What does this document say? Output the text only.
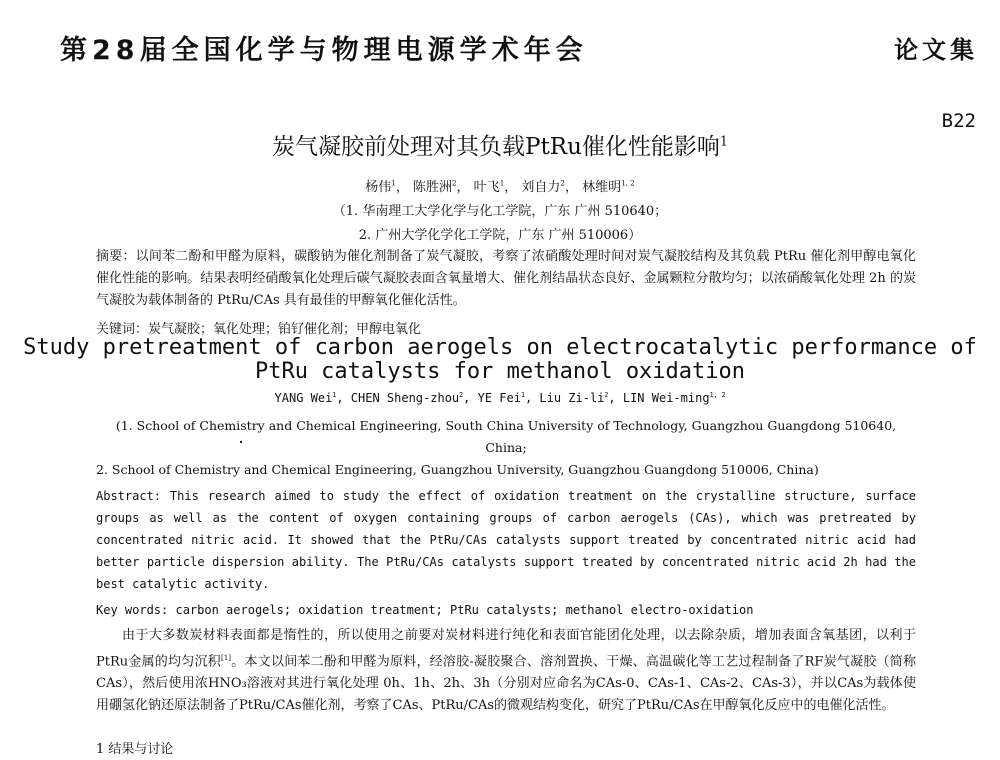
第28届全国化学与物理电源学术年会	论文集
B22
炭气凝胶前处理对其负载PtRu催化性能影响$^1$
杨伟$^1$， 陈胜洲$^2$， 叶飞$^1$， 刘自力$^2$， 林维明$^{1, 2}$
（1. 华南理工大学化学与化工学院，广东 广州 510640；
2. 广州大学化学化工学院，广东 广州 510006）
摘要：以间苯二酚和甲醛为原料，碳酸钠为催化剂制备了炭气凝胶，考察了浓硝酸处理时间对炭气凝胶结构及其负载 PtRu 催化剂甲醇电氧化催化性能的影响。结果表明经硝酸氧化处理后碳气凝胶表面含氧量增大、催化剂结晶状态良好、金属颗粒分散均匀；以浓硝酸氧化处理 2h 的炭气凝胶为载体制备的 PtRu/CAs 具有最佳的甲醇氧化催化活性。
关键词：炭气凝胶；氧化处理；铂钌催化剂；甲醇电氧化
Study pretreatment of carbon aerogels on electrocatalytic performance of PtRu catalysts for methanol oxidation
YANG Wei$^1$, CHEN Sheng-zhou$^2$, YE Fei$^1$, Liu $Zi-li^2$, LIN Wei-ming$^{1, 2}$
(1. School of Chemistry and Chemical Engineering, South China University of Technology, Guangzhou Guangdong 510640, China;
2. School of Chemistry and Chemical Engineering, Guangzhou University, Guangzhou Guangdong 510006, China)
Abstract: This research aimed to study the effect of oxidation treatment on the crystalline structure, surface groups as well as the content of oxygen containing groups of carbon aerogels (CAs), which was pretreated by concentrated nitric acid. It showed that the PtRu/CAs catalysts support treated by concentrated nitric acid had better particle dispersion ability. The PtRu/CAs catalysts support treated by concentrated nitric acid 2h had the best catalytic activity.
Key words: carbon aerogels; oxidation treatment; PtRu catalysts; methanol electro-oxidation
由于大多数炭材料表面都是惰性的，所以使用之前要对炭材料进行纯化和表面官能团化处理，以去除杂质，增加表面含氧基团，以利于PtRu金属的均匀沉积[1]。本文以间苯二酚和甲醛为原料，经溶胶-凝胶聚合、溶剂置换、干燥、高温碳化等工艺过程制备了RF炭气凝胶（简称CAs），然后使用浓HNO₃溶液对其进行氧化处理 0h、1h、2h、3h（分别对应命名为CAs-0、CAs-1、CAs-2、CAs-3），并以CAs为载体使用硼氢化钠还原法制备了PtRu/CAs催化剂，考察了CAs、PtRu/CAs的微观结构变化，研究了PtRu/CAs在甲醇氧化反应中的电催化活性。
1 结果与讨论
